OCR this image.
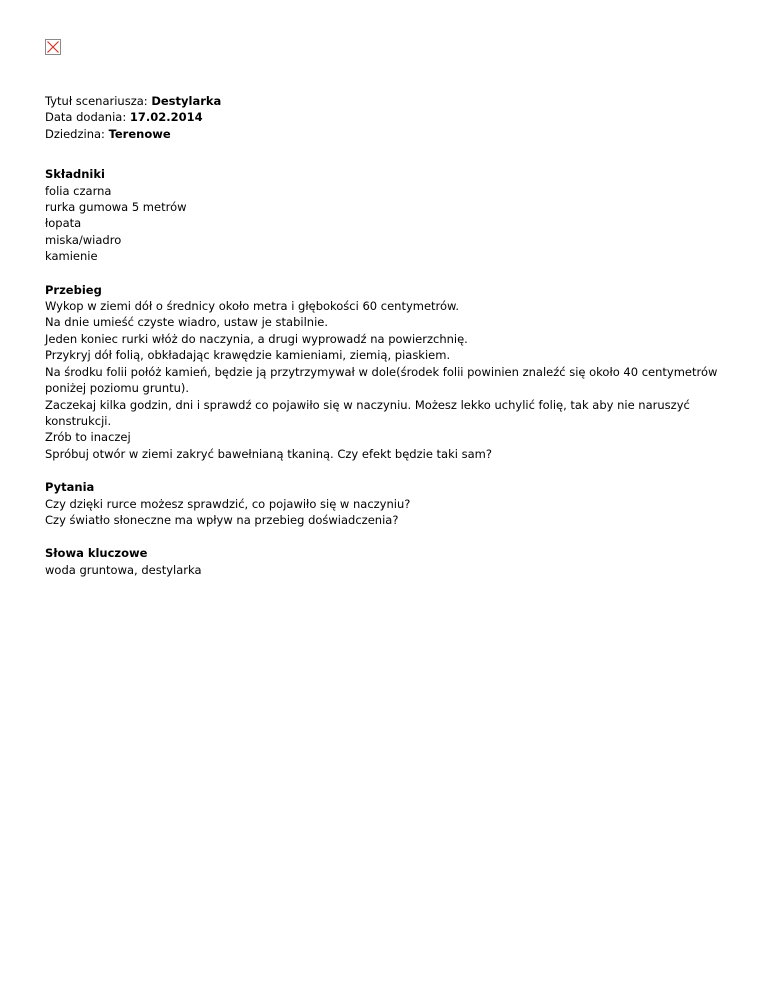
Tytuł scenariusza: Destylarka
Data dodania: 17.02.2014
Dziedzina: Terenowe
Składniki
folia czarna
rurka gumowa 5 metrów
łopata
miska/wiadro
kamienie
Przebieg
Wykop w ziemi dół o średnicy około metra i głębokości 60 centymetrów.
Na dnie umieść czyste wiadro, ustaw je stabilnie.
Jeden koniec rurki włóż do naczynia, a drugi wyprowadź na powierzchnię.
Przykryj dół folią, obkładając krawędzie kamieniami, ziemią, piaskiem.
Na środku folii połóż kamień, będzie ją przytrzymywał w dole(środek folii powinien znaleźć się około 40 centymetrów poniżej poziomu gruntu).
Zaczekaj kilka godzin, dni i sprawdź co pojawiło się w naczyniu. Możesz lekko uchylić folię, tak aby nie naruszyć konstrukcji.
Zrób to inaczej
Spróbuj otwór w ziemi zakryć bawełnianą tkaniną. Czy efekt będzie taki sam?
Pytania
Czy dzięki rurce możesz sprawdzić, co pojawiło się w naczyniu?
Czy światło słoneczne ma wpływ na przebieg doświadczenia?
Słowa kluczowe
woda gruntowa, destylarka
